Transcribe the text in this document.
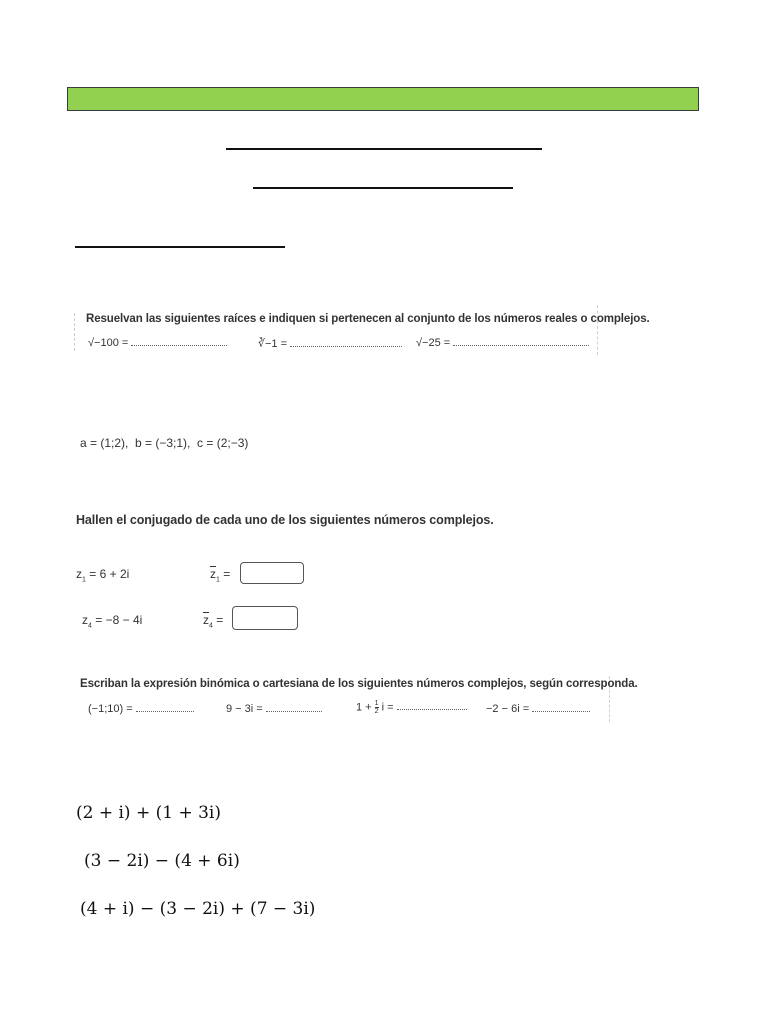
Resuelvan las siguientes raíces e indiquen si pertenecen al conjunto de los números reales o complejos.
√−100 =	∛−1 =	√−25 =
a = (1;2),  b = (−3;1),  c = (2;−3)
Hallen el conjugado de cada uno de los siguientes números complejos.
$z_1 = 6 + 2i$	$\overline{z}_1$ =
$z_4 = -8 - 4i$	$\overline{z}_4$ =
Escriban la expresión binómica o cartesiana de los siguientes números complejos, según corresponda.
(−1;10) =	9 − 3i =	$1 + \frac{1}{2}$ i =	−2 − 6i =
(2 + i) + (1 + 3i)
(3 − 2i) − (4 + 6i)
(4 + i) − (3 − 2i) + (7 − 3i)
